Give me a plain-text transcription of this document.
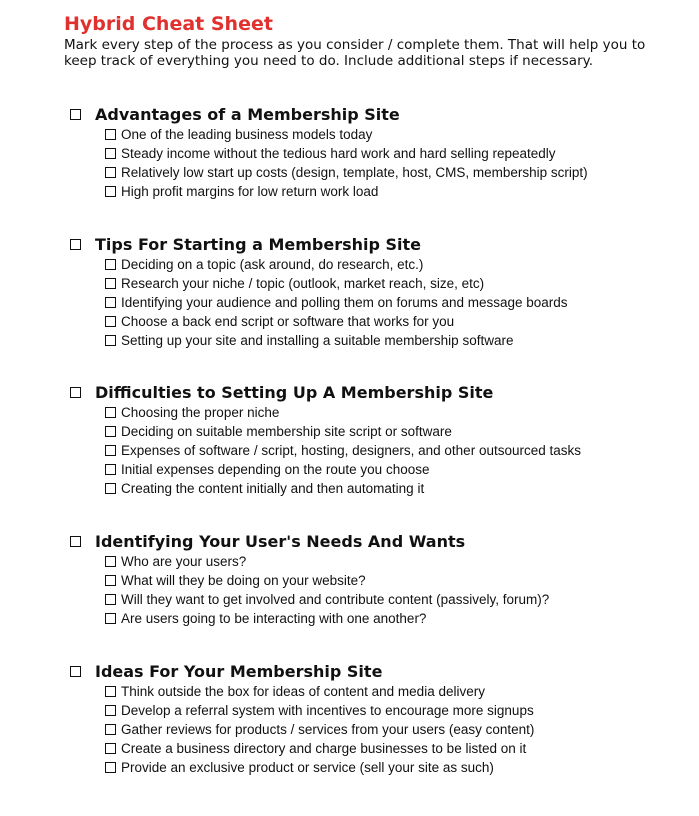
Hybrid Cheat Sheet
Mark every step of the process as you consider / complete them. That will help you to keep track of everything you need to do. Include additional steps if necessary.
Advantages of a Membership Site
One of the leading business models today
Steady income without the tedious hard work and hard selling repeatedly
Relatively low start up costs (design, template, host, CMS, membership script)
High profit margins for low return work load
Tips For Starting a Membership Site
Deciding on a topic (ask around, do research, etc.)
Research your niche / topic (outlook, market reach, size, etc)
Identifying your audience and polling them on forums and message boards
Choose a back end script or software that works for you
Setting up your site and installing a suitable membership software
Difficulties to Setting Up A Membership Site
Choosing the proper niche
Deciding on suitable membership site script or software
Expenses of software / script, hosting, designers, and other outsourced tasks
Initial expenses depending on the route you choose
Creating the content initially and then automating it
Identifying Your User's Needs And Wants
Who are your users?
What will they be doing on your website?
Will they want to get involved and contribute content (passively, forum)?
Are users going to be interacting with one another?
Ideas For Your Membership Site
Think outside the box for ideas of content and media delivery
Develop a referral system with incentives to encourage more signups
Gather reviews for products / services from your users (easy content)
Create a business directory and charge businesses to be listed on it
Provide an exclusive product or service (sell your site as such)
